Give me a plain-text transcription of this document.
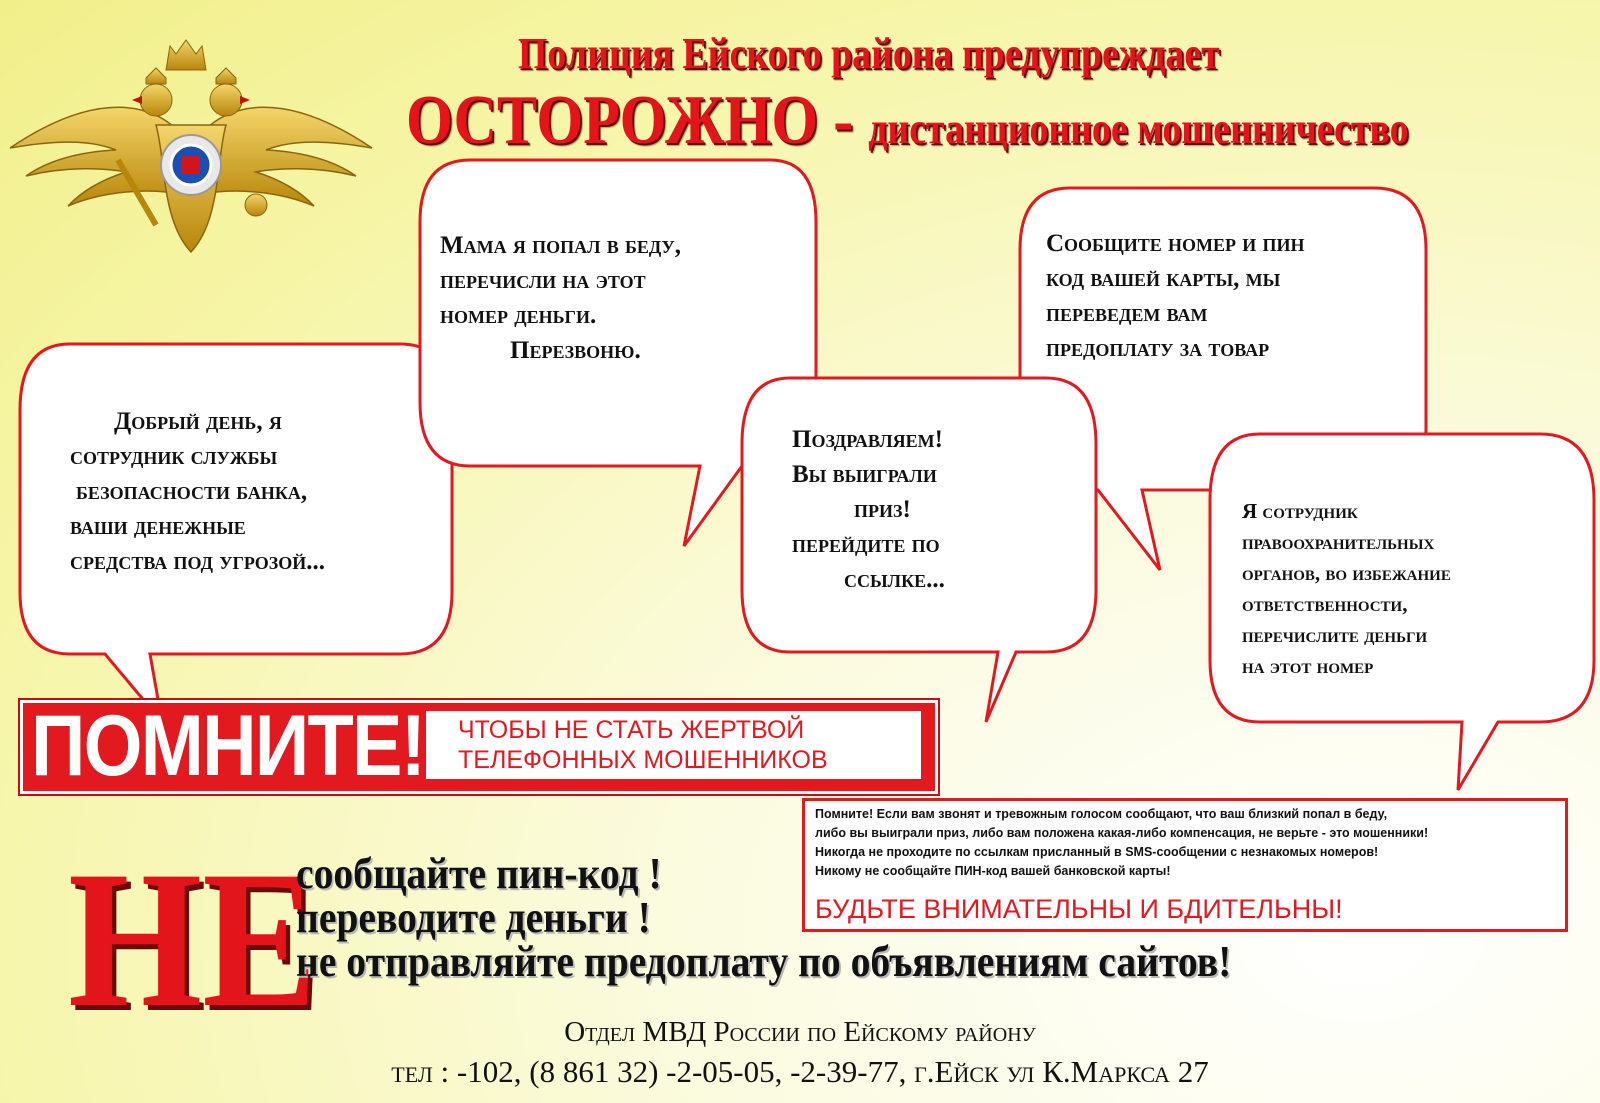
Полиция Ейского района предупреждает
ОСТОРОЖНО - дистанционное мошенничество
Добрый день, я
сотрудник службы
безопасности банка,
ваши денежные
средства под угрозой...
Мама я попал в беду,
перечисли на этот
номер деньги.
Перезвоню.
Сообщите номер и пин
код вашей карты, мы
переведем вам
предоплату за товар
Поздравляем!
Вы выиграли
приз!
перейдите по
ссылке...
Я сотрудник
правоохранительных
органов, во избежание
ответственности,
перечислите деньги
на этот номер
ПОМНИТЕ!	ЧТОБЫ НЕ СТАТЬ ЖЕРТВОЙ
ТЕЛЕФОННЫХ МОШЕННИКОВ
НЕ
сообщайте пин-код !
переводите деньги !
не отправляйте предоплату по объявлениям сайтов!
Помните! Если вам звонят и тревожным голосом сообщают, что ваш близкий попал в беду,
либо вы выиграли приз, либо вам положена какая-либо компенсация, не верьте - это мошенники!
Никогда не проходите по ссылкам присланный в SMS-сообщении с незнакомых номеров!
Никому не сообщайте ПИН-код вашей банковской карты!
БУДЬТЕ ВНИМАТЕЛЬНЫ И БДИТЕЛЬНЫ!
Отдел МВД России по Ейскому району
тел : -102, (8 861 32) -2-05-05, -2-39-77, г.Ейск ул К.Маркса 27
